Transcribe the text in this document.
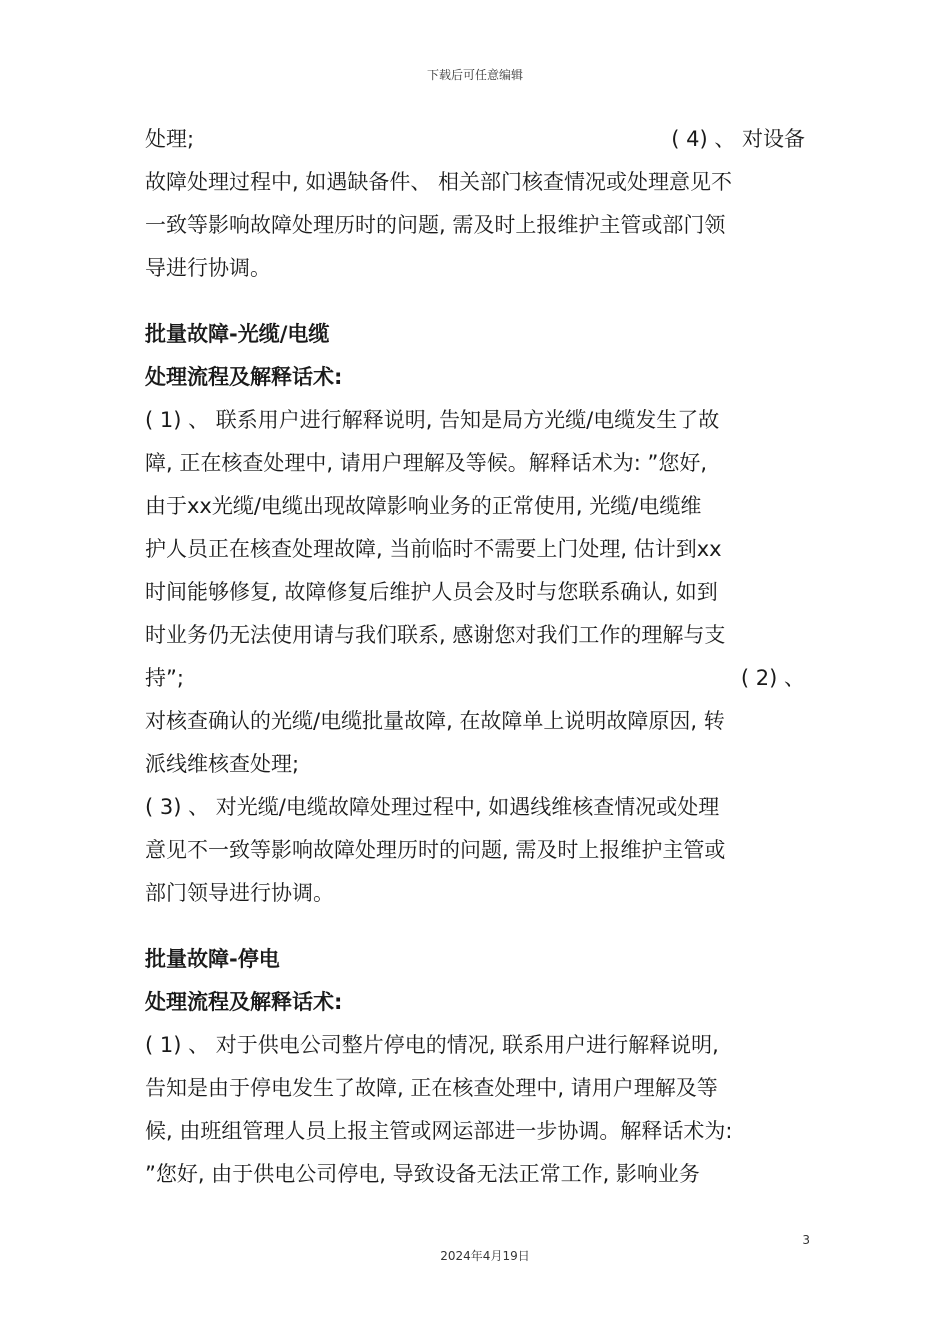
下载后可任意编辑
处理;	( 4) 、 对设备
故障处理过程中, 如遇缺备件、 相关部门核查情况或处理意见不
一致等影响故障处理历时的问题, 需及时上报维护主管或部门领
导进行协调。
批量故障-光缆/电缆
处理流程及解释话术:
( 1) 、 联系用户进行解释说明, 告知是局方光缆/电缆发生了故
障, 正在核查处理中, 请用户理解及等候。解释话术为: ”您好,
由于xx光缆/电缆出现故障影响业务的正常使用, 光缆/电缆维
护人员正在核查处理故障, 当前临时不需要上门处理, 估计到xx
时间能够修复, 故障修复后维护人员会及时与您联系确认, 如到
时业务仍无法使用请与我们联系, 感谢您对我们工作的理解与支
持”;	( 2) 、
对核查确认的光缆/电缆批量故障, 在故障单上说明故障原因, 转
派线维核查处理;
( 3) 、 对光缆/电缆故障处理过程中, 如遇线维核查情况或处理
意见不一致等影响故障处理历时的问题, 需及时上报维护主管或
部门领导进行协调。
批量故障-停电
处理流程及解释话术:
( 1) 、 对于供电公司整片停电的情况, 联系用户进行解释说明,
告知是由于停电发生了故障, 正在核查处理中, 请用户理解及等
候, 由班组管理人员上报主管或网运部进一步协调。解释话术为:
”您好, 由于供电公司停电, 导致设备无法正常工作, 影响业务
3
2024年4月19日
